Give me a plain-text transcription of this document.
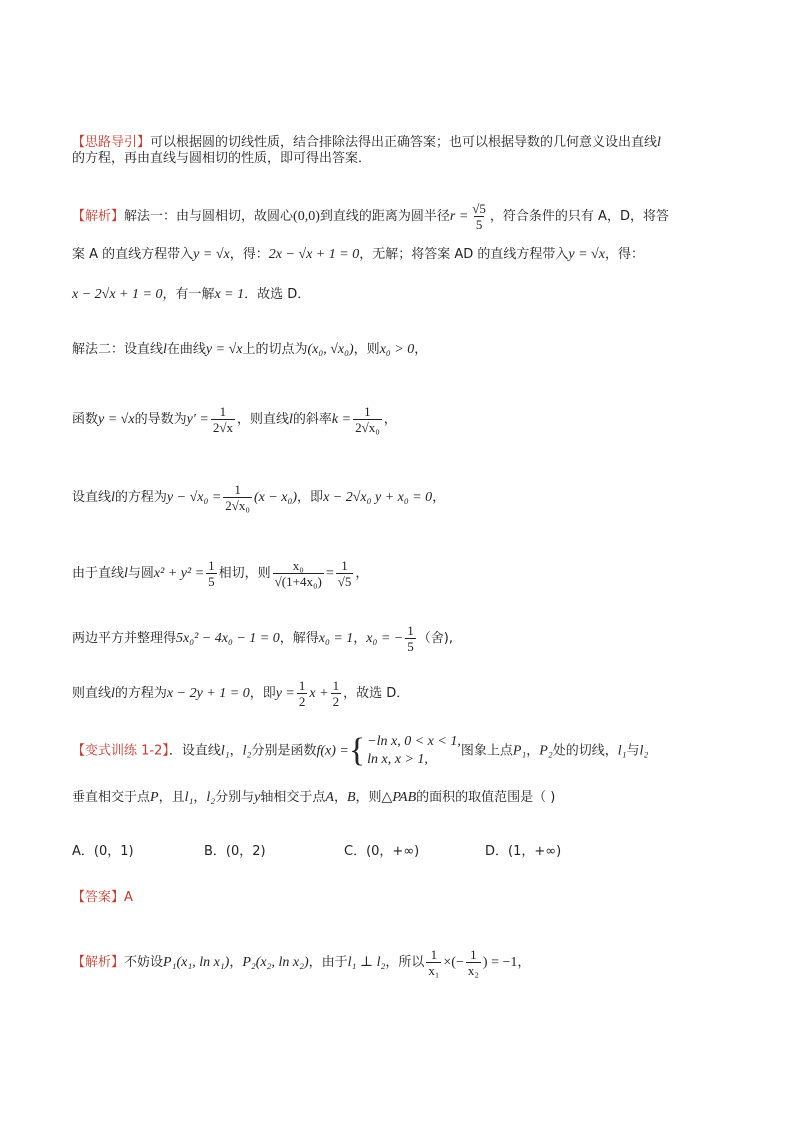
【思路导引】可以根据圆的切线性质，结合排除法得出正确答案；也可以根据导数的几何意义设出直线l
的方程，再由直线与圆相切的性质，即可得出答案．
【解析】解法一：由与圆相切，故圆心(0,0)到直线的距离为圆半径$r = \frac{√5}{5}$ ，符合条件的只有 A，D，将答
案 A 的直线方程带入y = √x，得：2x − √x + 1 = 0，无解；将答案 AD 的直线方程带入y = √x，得：
x − 2√x + 1 = 0，有一解x = 1．故选 D．
解法二：设直线l在曲线y = √x上的切点为(x₀, √x₀)，则x₀ > 0，
函数y = √x的导数为$y' = \frac{1}{2√x}$ ，则直线l的斜率$k = \frac{1}{\text{2√x₀}}$ ，
设直线l的方程为$y - √x_0 = \frac{1}{\text{2√x₀}} (x - x_0)$，即x − 2√x₀ y + x₀ = 0，
由于直线l与圆$x^2 + y^2 = \frac{1}{5}$ 相切，则 $\frac{\text{x₀}}{\text{√(1+4x₀)}} = \frac{1}{√5}$ ，
两边平方并整理得5x₀² − 4x₀ − 1 = 0，解得x₀ = 1，x₀ = − $\frac{1}{5}$ （舍),
则直线l的方程为x − 2y + 1 = 0，即$y = \frac{1}{2}$ $x + \frac{1}{2}$ ，故选 D．
【变式训练 1-2】．设直线l₁，l₂分别是函数f(x) = { −ln x, 0 < x < 1,
ln x, x > 1,
图象上点P₁，P₂处的切线，l₁与l₂
垂直相交于点P，且l₁，l₂分别与y轴相交于点A，B，则△PAB的面积的取值范围是（ )
A．(0，1)	B．(0，2)	C．(0，+∞)	D．(1，+∞)
【答案】A
【解析】不妨设P₁(x₁, ln x₁)，P₂(x₂, ln x₂)，由于l₁ ⊥ l₂，所以 $\frac{1}{\text{x₁}}$ ×(− $\frac{1}{\text{x₂}}$ ) = −1，
